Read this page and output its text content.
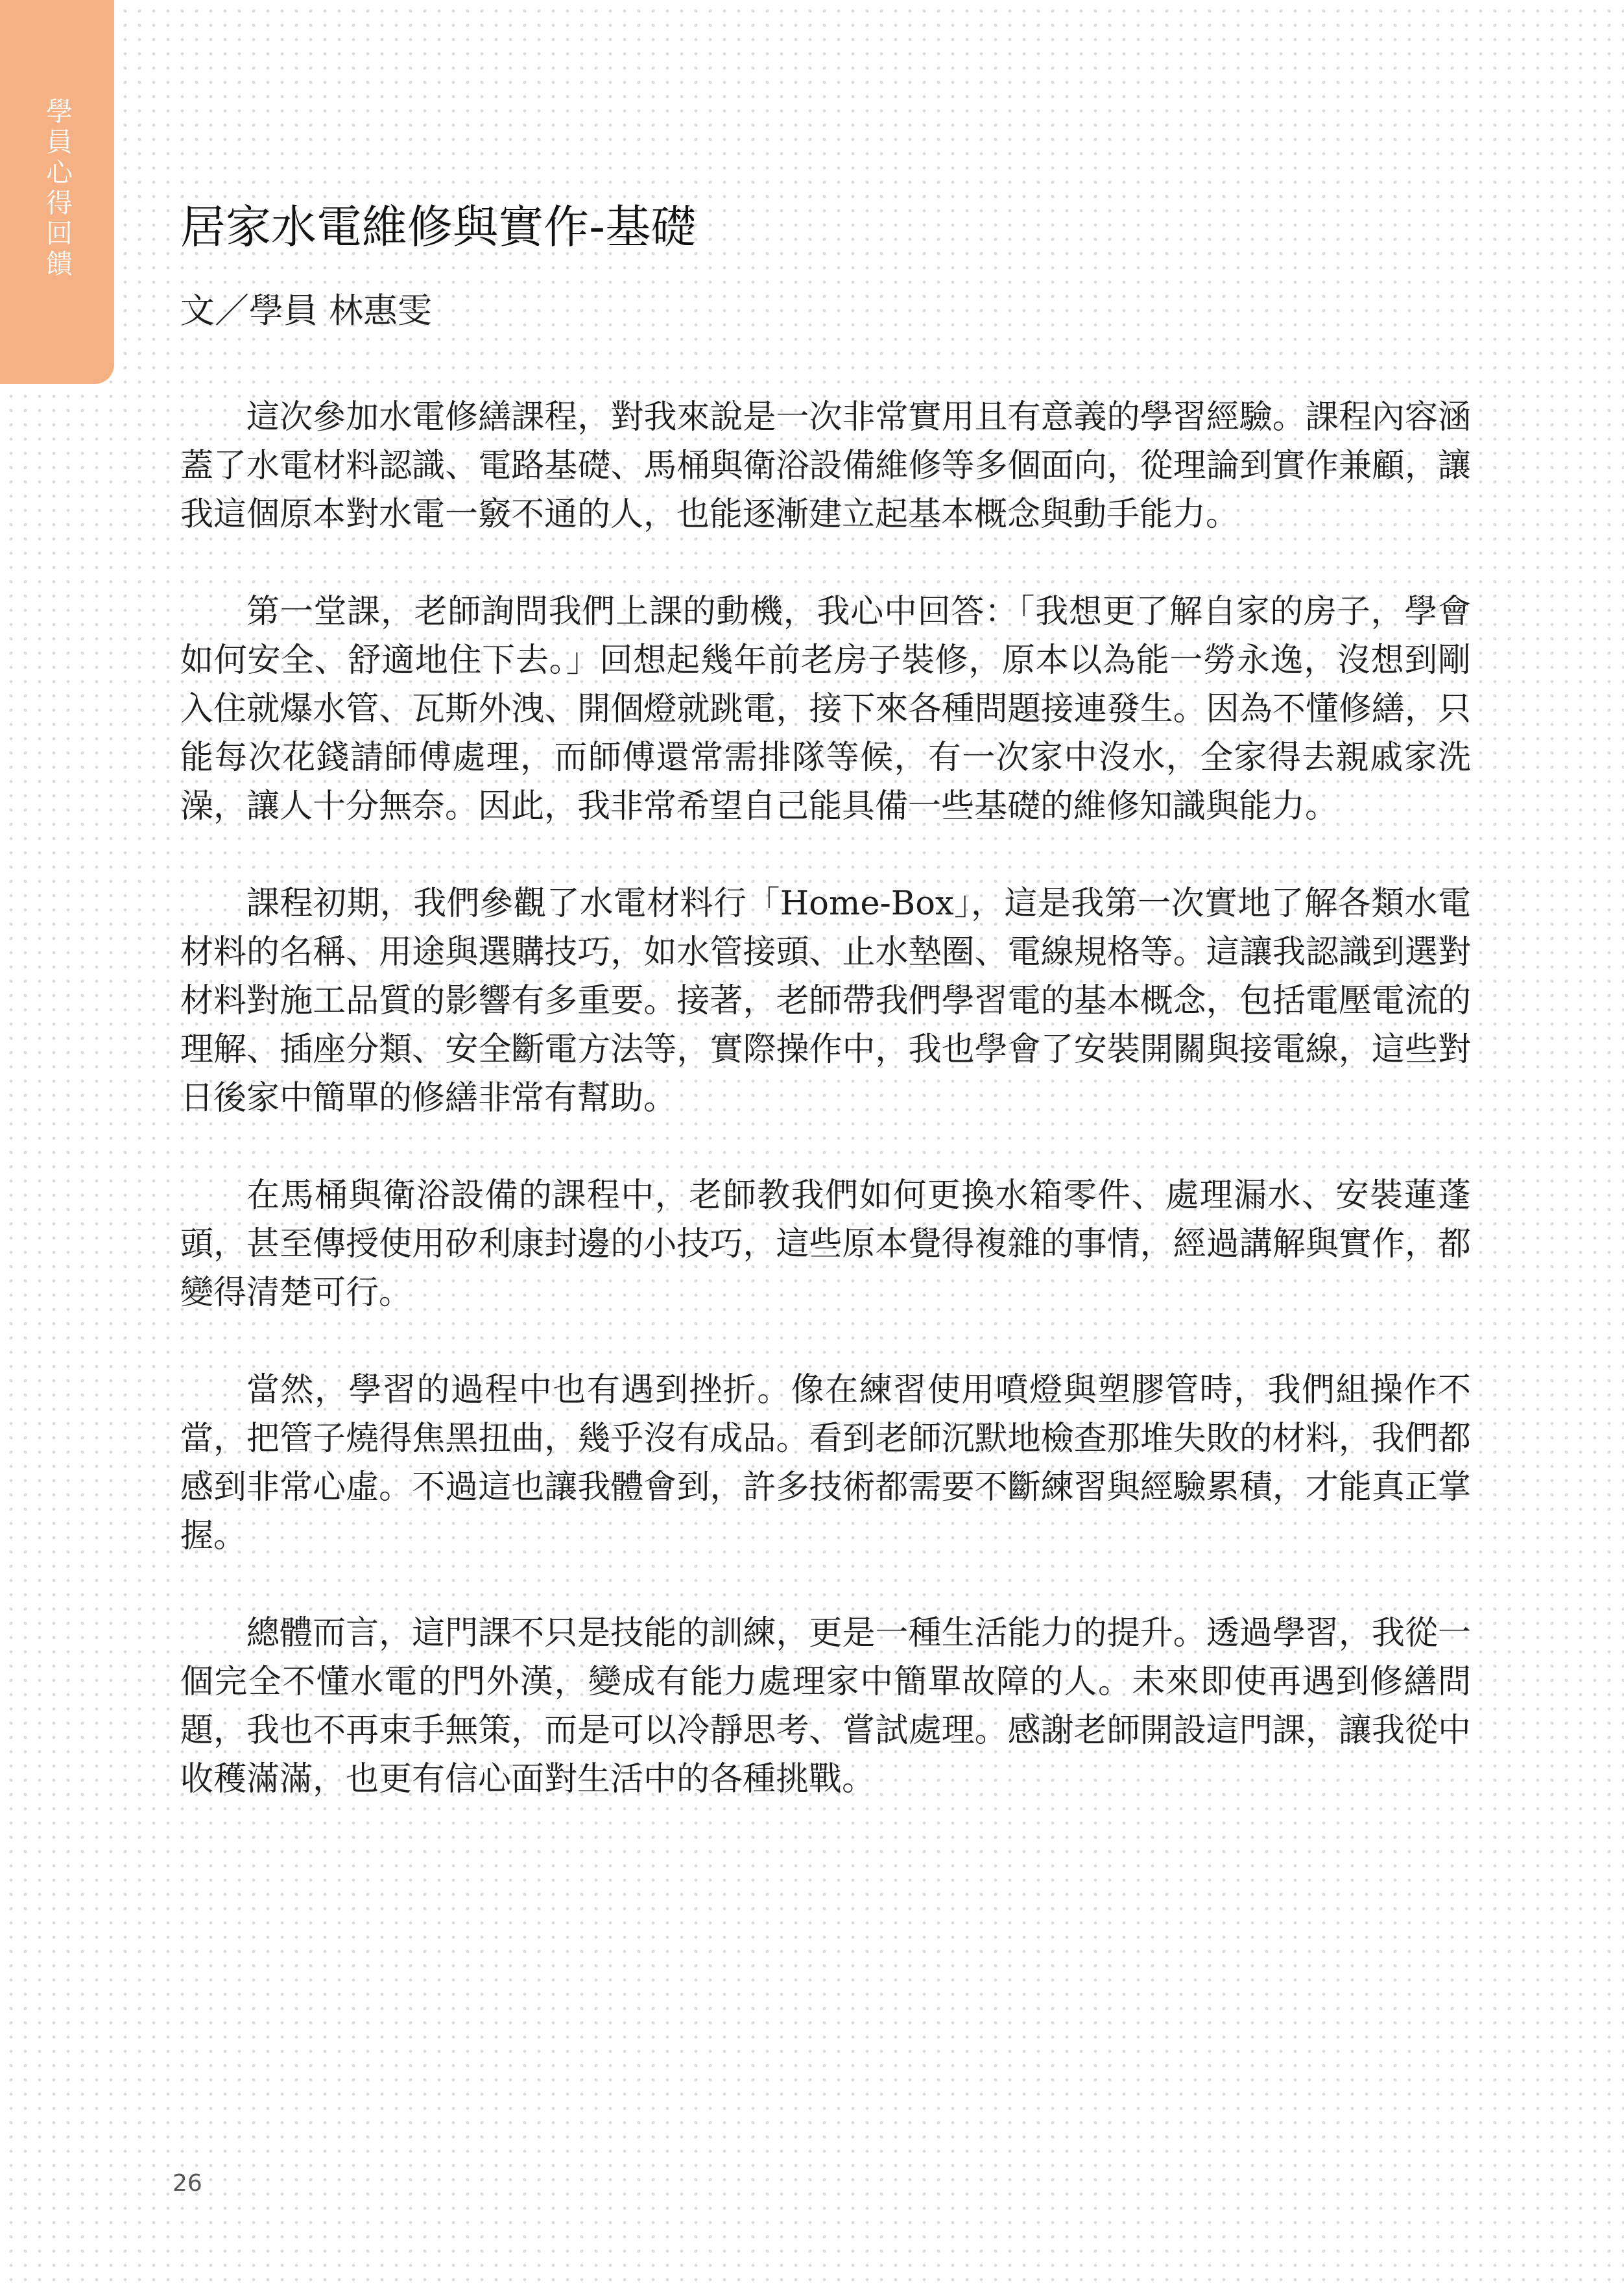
學員心得回饋	居家水電維修與實作-基礎
文／學員 林惠雯

這次參加水電修繕課程，對我來說是一次非常實用且有意義的學習經驗。課程內容涵蓋了水電材料認識、電路基礎、馬桶與衛浴設備維修等多個面向，從理論到實作兼顧，讓我這個原本對水電一竅不通的人，也能逐漸建立起基本概念與動手能力。

第一堂課，老師詢問我們上課的動機，我心中回答：「我想更了解自家的房子，學會如何安全、舒適地住下去。」回想起幾年前老房子裝修，原本以為能一勞永逸，沒想到剛入住就爆水管、瓦斯外洩、開個燈就跳電，接下來各種問題接連發生。因為不懂修繕，只能每次花錢請師傅處理，而師傅還常需排隊等候，有一次家中沒水，全家得去親戚家洗澡，讓人十分無奈。因此，我非常希望自己能具備一些基礎的維修知識與能力。

課程初期，我們參觀了水電材料行「Home-Box」，這是我第一次實地了解各類水電材料的名稱、用途與選購技巧，如水管接頭、止水墊圈、電線規格等。這讓我認識到選對材料對施工品質的影響有多重要。接著，老師帶我們學習電的基本概念，包括電壓電流的理解、插座分類、安全斷電方法等，實際操作中，我也學會了安裝開關與接電線，這些對日後家中簡單的修繕非常有幫助。

在馬桶與衛浴設備的課程中，老師教我們如何更換水箱零件、處理漏水、安裝蓮蓬頭，甚至傳授使用矽利康封邊的小技巧，這些原本覺得複雜的事情，經過講解與實作，都變得清楚可行。

當然，學習的過程中也有遇到挫折。像在練習使用噴燈與塑膠管時，我們組操作不當，把管子燒得焦黑扭曲，幾乎沒有成品。看到老師沉默地檢查那堆失敗的材料，我們都感到非常心虛。不過這也讓我體會到，許多技術都需要不斷練習與經驗累積，才能真正掌握。

總體而言，這門課不只是技能的訓練，更是一種生活能力的提升。透過學習，我從一個完全不懂水電的門外漢，變成有能力處理家中簡單故障的人。未來即使再遇到修繕問題，我也不再束手無策，而是可以冷靜思考、嘗試處理。感謝老師開設這門課，讓我從中收穫滿滿，也更有信心面對生活中的各種挑戰。

26
